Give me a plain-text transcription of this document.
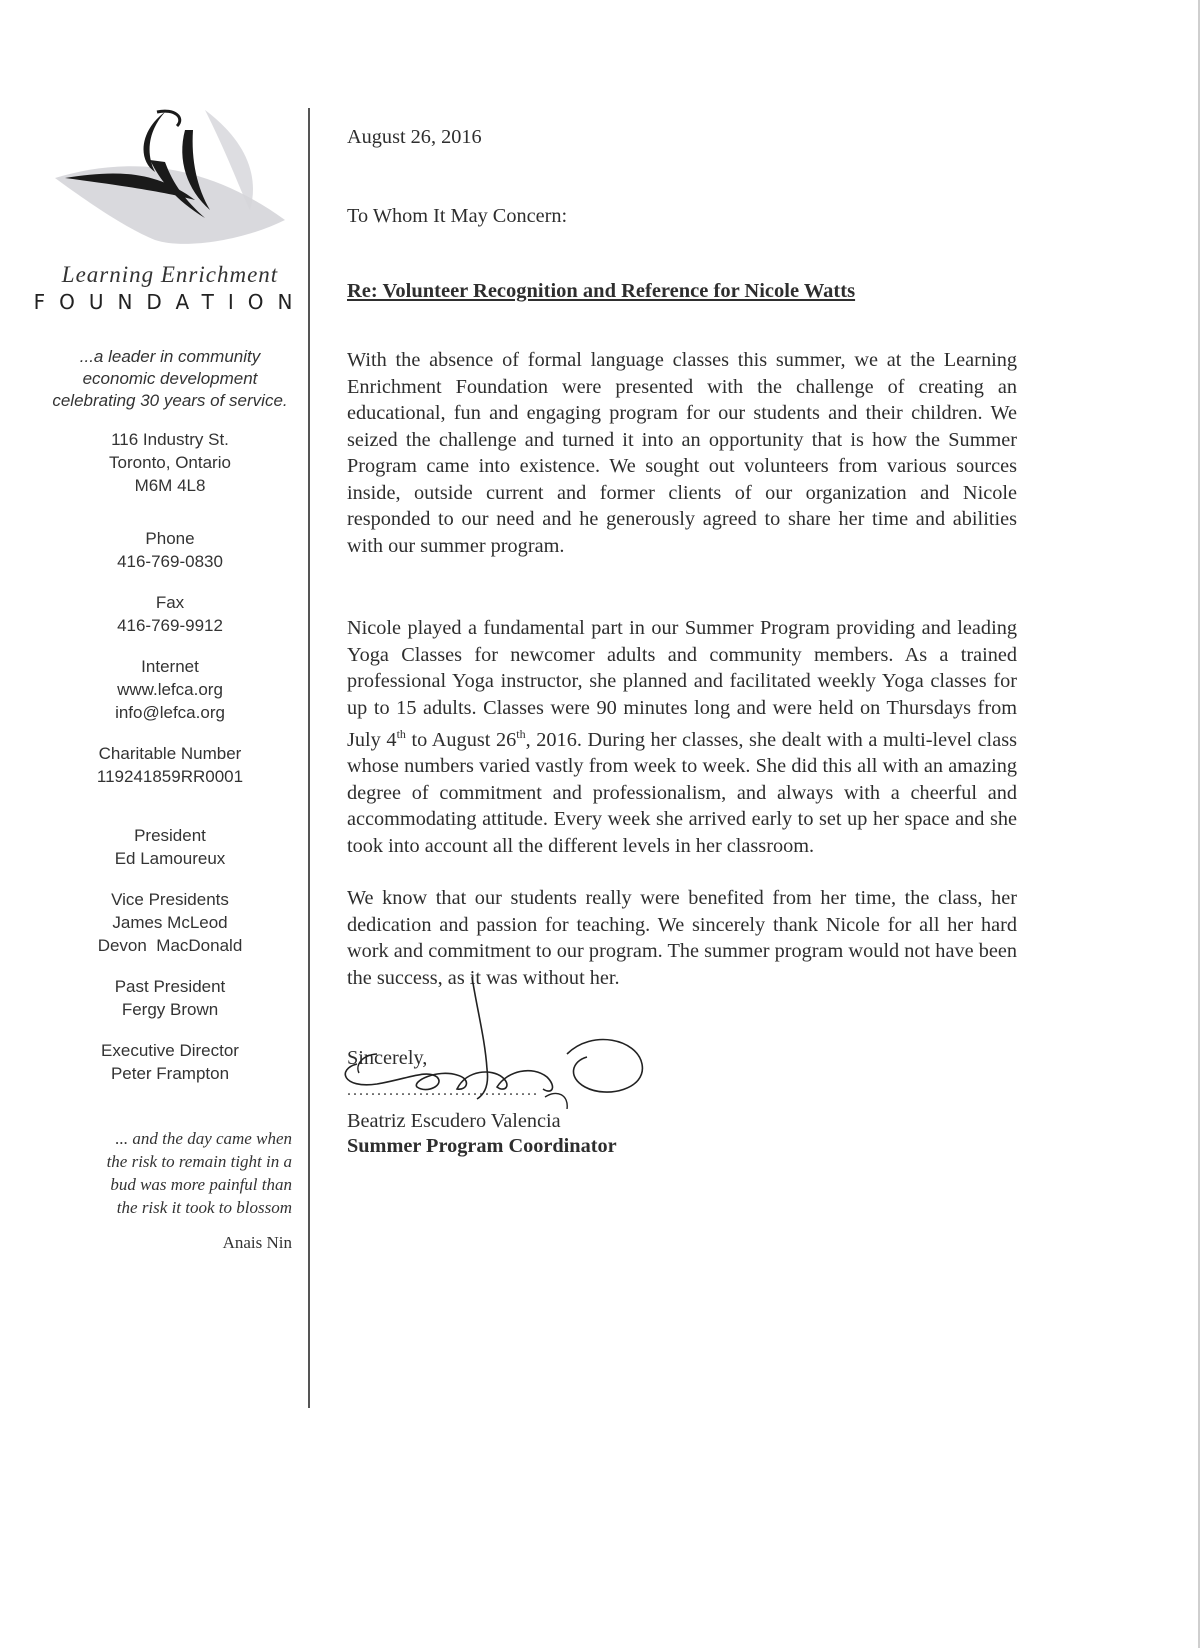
Learning Enrichment
FOUNDATION
...a leader in community economic development celebrating 30 years of service.
116 Industry St.
Toronto, Ontario
M6M 4L8
Phone
416-769-0830
Fax
416-769-9912
Internet
www.lefca.org
info@lefca.org
Charitable Number
119241859RR0001
President
Ed Lamoureux
Vice Presidents
James McLeod
Devon  MacDonald
Past President
Fergy Brown
Executive Director
Peter Frampton
... and the day came when
the risk to remain tight in a
bud was more painful than
the risk it took to blossom
Anais Nin

August 26, 2016

To Whom It May Concern:

Re: Volunteer Recognition and Reference for Nicole Watts

With the absence of formal language classes this summer, we at the Learning Enrichment Foundation were presented with the challenge of creating an educational, fun and engaging program for our students and their children. We seized the challenge and turned it into an opportunity that is how the Summer Program came into existence. We sought out volunteers from various sources inside, outside current and former clients of our organization and Nicole responded to our need and he generously agreed to share her time and abilities with our summer program.

Nicole played a fundamental part in our Summer Program providing and leading Yoga Classes for newcomer adults and community members. As a trained professional Yoga instructor, she planned and facilitated weekly Yoga classes for up to 15 adults. Classes were 90 minutes long and were held on Thursdays from July 4th to August 26th, 2016. During her classes, she dealt with a multi-level class whose numbers varied vastly from week to week. She did this all with an amazing degree of commitment and professionalism, and always with a cheerful and accommodating attitude. Every week she arrived early to set up her space and she took into account all the different levels in her classroom.

We know that our students really were benefited from her time, the class, her dedication and passion for teaching. We sincerely thank Nicole for all her hard work and commitment to our program. The summer program would not have been the success, as it was without her.

Sincerely,
................................
Beatriz Escudero Valencia
Summer Program Coordinator
